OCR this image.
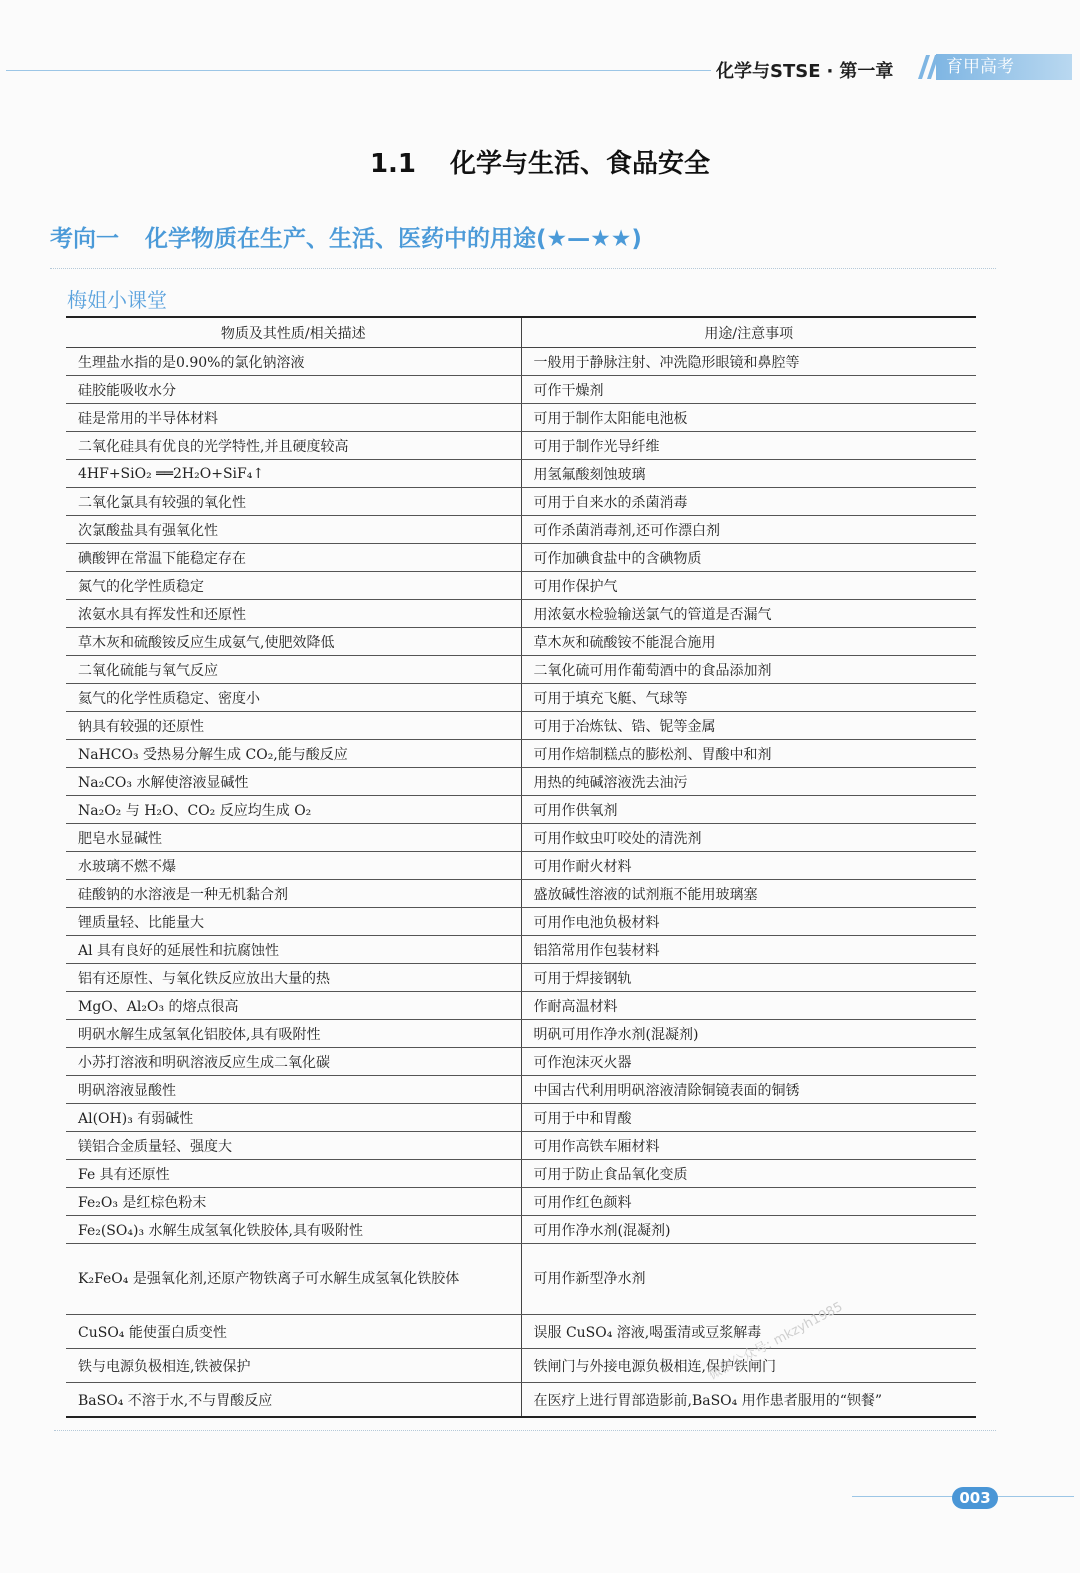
化学与STSE · 第一章	育甲高考
1.1 化学与生活、食品安全
考向一 化学物质在生产、生活、医药中的用途(★—★★)
梅姐小课堂
物质及其性质/相关描述	用途/注意事项
生理盐水指的是0.90%的氯化钠溶液	一般用于静脉注射、冲洗隐形眼镜和鼻腔等
硅胶能吸收水分	可作干燥剂
硅是常用的半导体材料	可用于制作太阳能电池板
二氧化硅具有优良的光学特性,并且硬度较高	可用于制作光导纤维
4HF+SiO₂ ══2H₂O+SiF₄↑	用氢氟酸刻蚀玻璃
二氧化氯具有较强的氧化性	可用于自来水的杀菌消毒
次氯酸盐具有强氧化性	可作杀菌消毒剂,还可作漂白剂
碘酸钾在常温下能稳定存在	可作加碘食盐中的含碘物质
氮气的化学性质稳定	可用作保护气
浓氨水具有挥发性和还原性	用浓氨水检验输送氯气的管道是否漏气
草木灰和硫酸铵反应生成氨气,使肥效降低	草木灰和硫酸铵不能混合施用
二氧化硫能与氧气反应	二氧化硫可用作葡萄酒中的食品添加剂
氦气的化学性质稳定、密度小	可用于填充飞艇、气球等
钠具有较强的还原性	可用于冶炼钛、锆、铌等金属
NaHCO₃ 受热易分解生成 CO₂,能与酸反应	可用作焙制糕点的膨松剂、胃酸中和剂
Na₂CO₃ 水解使溶液显碱性	用热的纯碱溶液洗去油污
Na₂O₂ 与 H₂O、CO₂ 反应均生成 O₂	可用作供氧剂
肥皂水显碱性	可用作蚊虫叮咬处的清洗剂
水玻璃不燃不爆	可用作耐火材料
硅酸钠的水溶液是一种无机黏合剂	盛放碱性溶液的试剂瓶不能用玻璃塞
锂质量轻、比能量大	可用作电池负极材料
Al 具有良好的延展性和抗腐蚀性	铝箔常用作包装材料
铝有还原性、与氧化铁反应放出大量的热	可用于焊接钢轨
MgO、Al₂O₃ 的熔点很高	作耐高温材料
明矾水解生成氢氧化铝胶体,具有吸附性	明矾可用作净水剂(混凝剂)
小苏打溶液和明矾溶液反应生成二氧化碳	可作泡沫灭火器
明矾溶液显酸性	中国古代利用明矾溶液清除铜镜表面的铜锈
Al(OH)₃ 有弱碱性	可用于中和胃酸
镁铝合金质量轻、强度大	可用作高铁车厢材料
Fe 具有还原性	可用于防止食品氧化变质
Fe₂O₃ 是红棕色粉末	可用作红色颜料
Fe₂(SO₄)₃ 水解生成氢氧化铁胶体,具有吸附性	可用作净水剂(混凝剂)
K₂FeO₄ 是强氧化剂,还原产物铁离子可水解生成氢氧化铁胶体	可用作新型净水剂
CuSO₄ 能使蛋白质变性	误服 CuSO₄ 溶液,喝蛋清或豆浆解毒
铁与电源负极相连,铁被保护	铁闸门与外接电源负极相连,保护铁闸门
BaSO₄ 不溶于水,不与胃酸反应	在医疗上进行胃部造影前,BaSO₄ 用作患者服用的“钡餐”
微信公众号: mkzyh1985
003
